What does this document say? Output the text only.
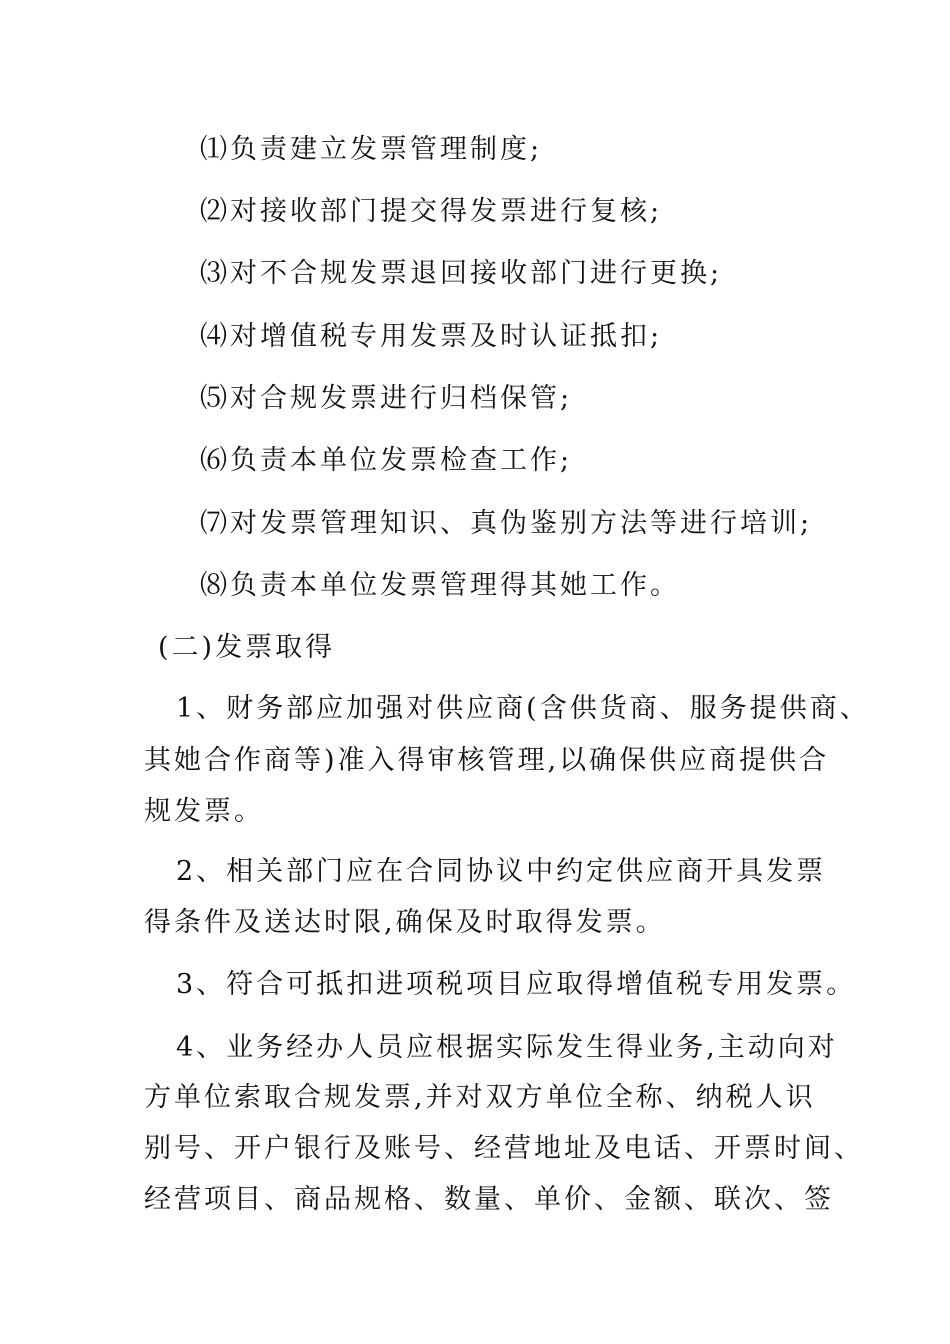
⑴负责建立发票管理制度;
⑵对接收部门提交得发票进行复核;
⑶对不合规发票退回接收部门进行更换;
⑷对增值税专用发票及时认证抵扣;
⑸对合规发票进行归档保管;
⑹负责本单位发票检查工作;
⑺对发票管理知识、真伪鉴别方法等进行培训;
⑻负责本单位发票管理得其她工作。
(二)发票取得
1、财务部应加强对供应商(含供货商、服务提供商、
其她合作商等)准入得审核管理,以确保供应商提供合
规发票。
2、相关部门应在合同协议中约定供应商开具发票
得条件及送达时限,确保及时取得发票。
3、符合可抵扣进项税项目应取得增值税专用发票。
4、业务经办人员应根据实际发生得业务,主动向对
方单位索取合规发票,并对双方单位全称、纳税人识
别号、开户银行及账号、经营地址及电话、开票时间、
经营项目、商品规格、数量、单价、金额、联次、签
